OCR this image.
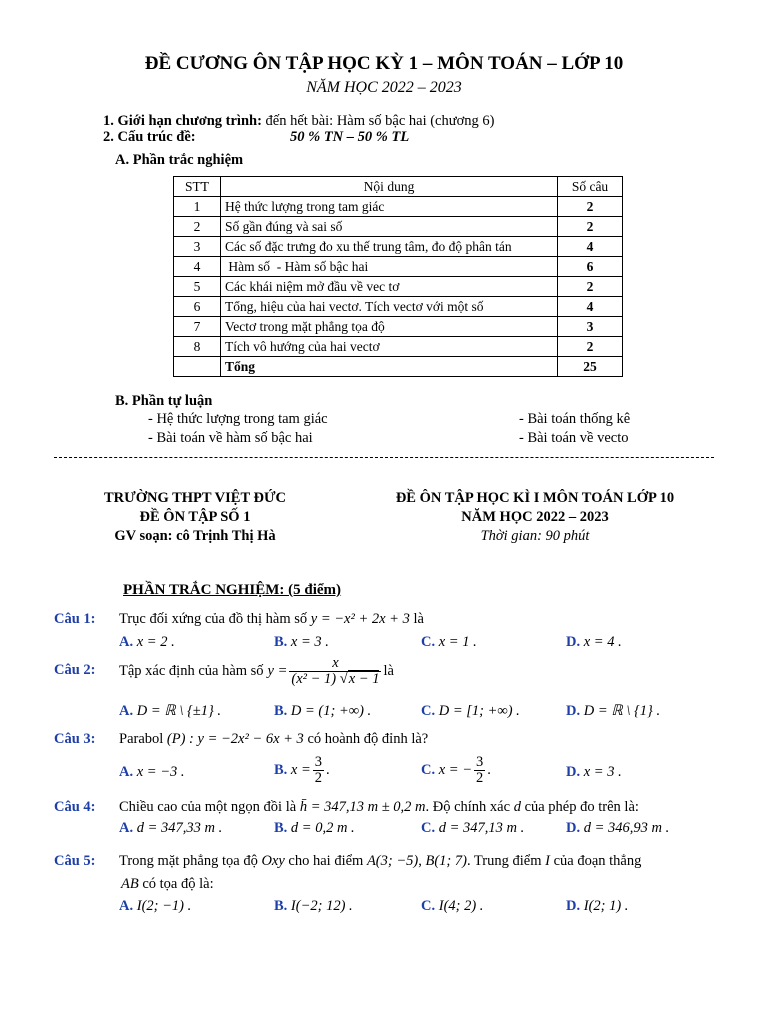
ĐỀ CƯƠNG ÔN TẬP HỌC KỲ 1 – MÔN TOÁN – LỚP 10
NĂM HỌC 2022 – 2023
1. Giới hạn chương trình: đến hết bài: Hàm số bậc hai (chương 6)
2. Cấu trúc đề:	50 % TN – 50 % TL
A. Phần trắc nghiệm
STT	Nội dung	Số câu
1	Hệ thức lượng trong tam giác	2
2	Số gần đúng và sai số	2
3	Các số đặc trưng đo xu thế trung tâm, đo độ phân tán	4
4	Hàm số  - Hàm số bậc hai	6
5	Các khái niệm mở đầu về vec tơ	2
6	Tổng, hiệu của hai vectơ. Tích vectơ với một số	4
7	Vectơ trong mặt phẳng tọa độ	3
8	Tích vô hướng của hai vectơ	2
	Tổng	25
B. Phần tự luận
- Hệ thức lượng trong tam giác	- Bài toán thống kê
- Bài toán về hàm số bậc hai	- Bài toán về vecto
TRƯỜNG THPT VIỆT ĐỨC
ĐỀ ÔN TẬP SỐ 1
GV soạn: cô Trịnh Thị Hà
ĐỀ ÔN TẬP HỌC KÌ I MÔN TOÁN LỚP 10
NĂM HỌC 2022 – 2023
Thời gian: 90 phút
PHẦN TRẮC NGHIỆM: (5 điểm)
Câu 1: Trục đối xứng của đồ thị hàm số y = −x² + 2x + 3 là
A. x = 2 .	B. x = 3 .	C. x = 1 .	D. x = 4 .
Câu 2: Tập xác định của hàm số $y = \frac{x}{\text{(x² − 1) √x − 1}}$ là
A. D = ℝ \ {±1} .	B. D = (1; +∞) .	C. D = [1; +∞) .	D. D = ℝ \ {1} .
Câu 3: Parabol (P) : y = −2x² − 6x + 3 có hoành độ đỉnh là?
A. x = −3 .	B.
$x = \frac{3}{2}$ .	C.
x = − $\frac{3}{2}$ .	D. x = 3 .
Câu 4: Chiều cao của một ngọn đồi là h̄ = 347,13 m ± 0,2 m. Độ chính xác d của phép đo trên là:
A. d = 347,33 m .	B. d = 0,2 m .	C. d = 347,13 m .	D. d = 346,93 m .
Câu 5: Trong mặt phẳng tọa độ Oxy cho hai điểm A(3; −5), B(1; 7). Trung điểm I của đoạn thẳng
AB có tọa độ là:
A. I(2; −1) .	B. I(−2; 12) .	C. I(4; 2) .	D. I(2; 1) .
